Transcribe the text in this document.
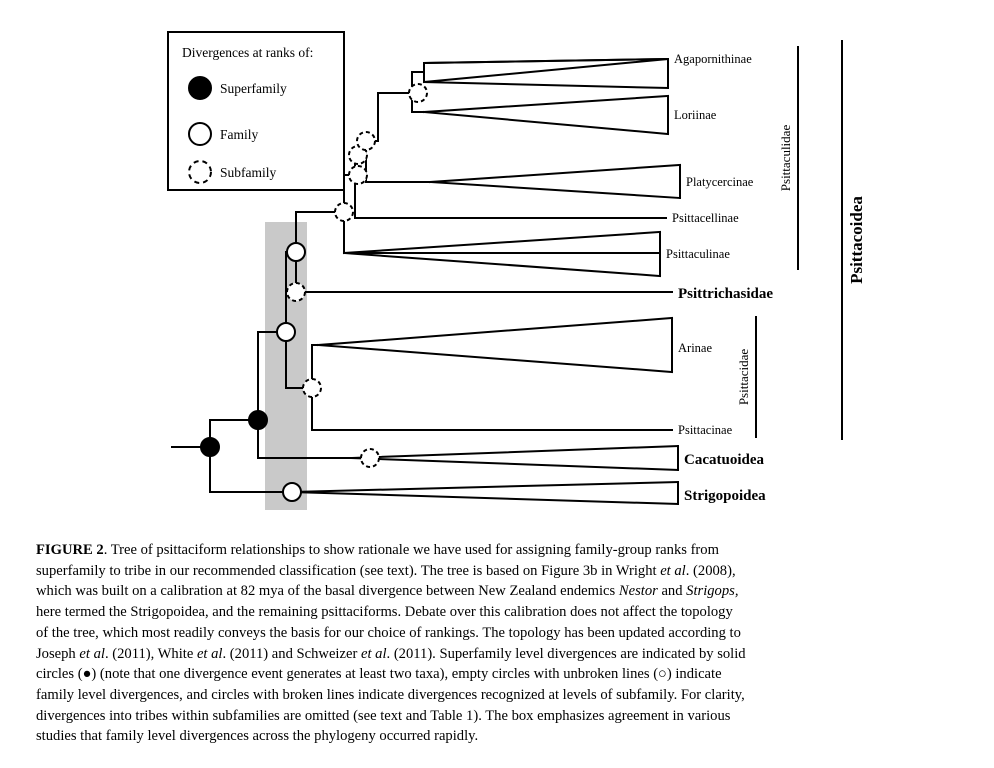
Divergences at ranks of:
Superfamily
Family
Subfamily
Agapornithinae
Loriinae
Platycercinae
Psittacellinae
Psittaculinae
Psittrichasidae
Arinae
Psittacinae
Cacatuoidea
Strigopoidea
Psittaculidae
Psittacidae
Psittacoidea
FIGURE 2. Tree of psittaciform relationships to show rationale we have used for assigning family-group ranks from
superfamily to tribe in our recommended classification (see text). The tree is based on Figure 3b in Wright et al. (2008),
which was built on a calibration at 82 mya of the basal divergence between New Zealand endemics Nestor and Strigops,
here termed the Strigopoidea, and the remaining psittaciforms. Debate over this calibration does not affect the topology
of the tree, which most readily conveys the basis for our choice of rankings. The topology has been updated according to
Joseph et al. (2011), White et al. (2011) and Schweizer et al. (2011). Superfamily level divergences are indicated by solid
circles (●) (note that one divergence event generates at least two taxa), empty circles with unbroken lines (○) indicate
family level divergences, and circles with broken lines indicate divergences recognized at levels of subfamily. For clarity,
divergences into tribes within subfamilies are omitted (see text and Table 1). The box emphasizes agreement in various
studies that family level divergences across the phylogeny occurred rapidly.
